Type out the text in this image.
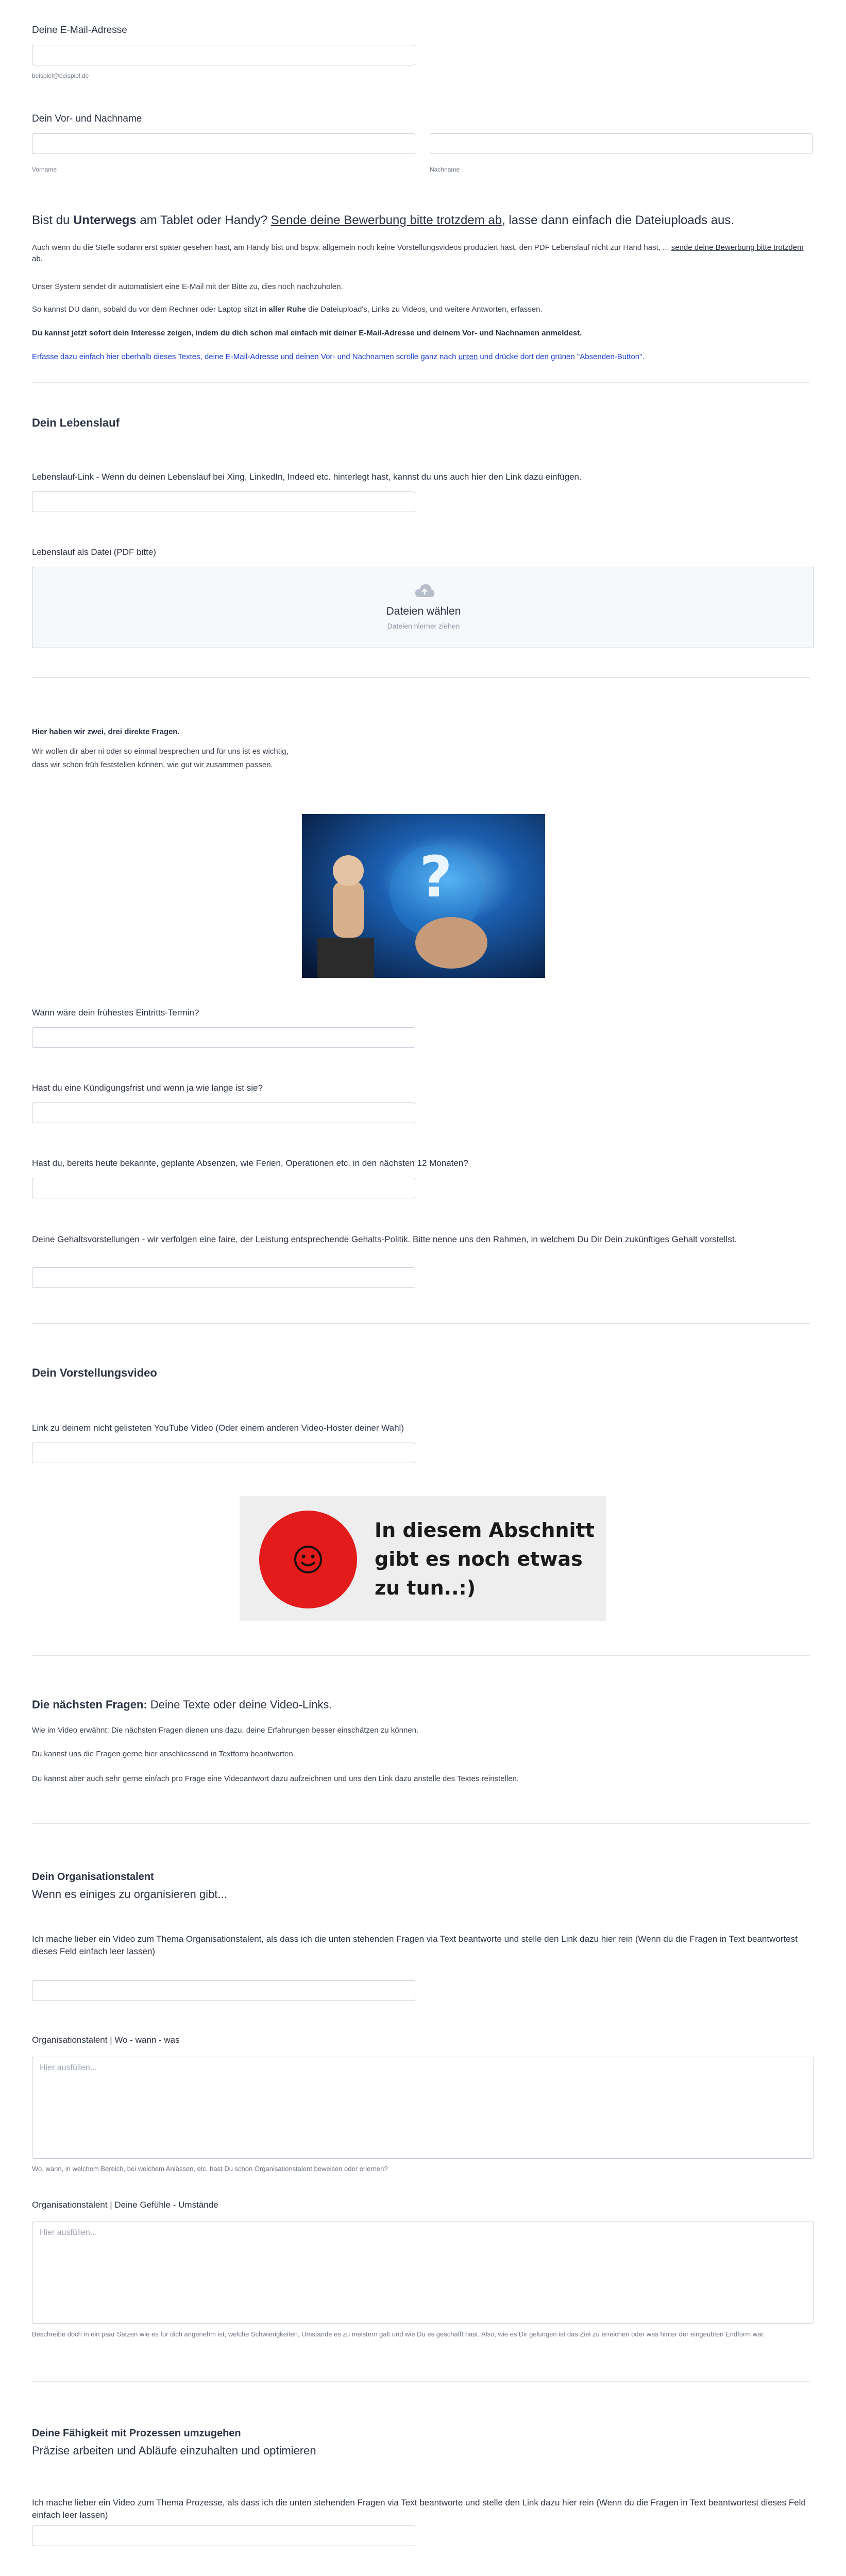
Deine E-Mail-Adresse
beispiel@beispiel.de
Dein Vor- und Nachname
Vorname	Nachname
Bist du Unterwegs am Tablet oder Handy? Sende deine Bewerbung bitte trotzdem ab, lasse dann einfach die Dateiuploads aus.
Auch wenn du die Stelle sodann erst später gesehen hast, am Handy bist und bspw. allgemein noch keine Vorstellungsvideos produziert hast, den PDF Lebenslauf nicht zur Hand hast, ... sende deine Bewerbung bitte trotzdem ab.
Unser System sendet dir automatisiert eine E-Mail mit der Bitte zu, dies noch nachzuholen.
So kannst DU dann, sobald du vor dem Rechner oder Laptop sitzt in aller Ruhe die Dateiupload's, Links zu Videos, und weitere Antworten, erfassen.
Du kannst jetzt sofort dein Interesse zeigen, indem du dich schon mal einfach mit deiner E-Mail-Adresse und deinem Vor- und Nachnamen anmeldest.
Erfasse dazu einfach hier oberhalb dieses Textes, deine E-Mail-Adresse und deinen Vor- und Nachnamen scrolle ganz nach unten und drücke dort den grünen "Absenden-Button".
Dein Lebenslauf
Lebenslauf-Link - Wenn du deinen Lebenslauf bei Xing, LinkedIn, Indeed etc. hinterlegt hast, kannst du uns auch hier den Link dazu einfügen.
Lebenslauf als Datei (PDF bitte)
Dateien wählen
Dateien hierher ziehen
Hier haben wir zwei, drei direkte Fragen.
Wir wollen dir aber ni oder so einmal besprechen und für uns ist es wichtig,
dass wir schon früh feststellen können, wie gut wir zusammen passen.
?
Wann wäre dein frühestes Eintritts-Termin?
Hast du eine Kündigungsfrist und wenn ja wie lange ist sie?
Hast du, bereits heute bekannte, geplante Absenzen, wie Ferien, Operationen etc. in den nächsten 12 Monaten?
Deine Gehaltsvorstellungen - wir verfolgen eine faire, der Leistung entsprechende Gehalts-Politik. Bitte nenne uns den Rahmen, in welchem Du Dir Dein zukünftiges Gehalt vorstellst.
Dein Vorstellungsvideo
Link zu deinem nicht gelisteten YouTube Video (Oder einem anderen Video-Hoster deiner Wahl)
In diesem Abschnitt
gibt es noch etwas
zu tun..:)
Die nächsten Fragen: Deine Texte oder deine Video-Links.
Wie im Video erwähnt: Die nächsten Fragen dienen uns dazu, deine Erfahrungen besser einschätzen zu können.
Du kannst uns die Fragen gerne hier anschliessend in Textform beantworten.
Du kannst aber auch sehr gerne einfach pro Frage eine Videoantwort dazu aufzeichnen und uns den Link dazu anstelle des Textes reinstellen.
Dein Organisationstalent
Wenn es einiges zu organisieren gibt...
Ich mache lieber ein Video zum Thema Organisationstalent, als dass ich die unten stehenden Fragen via Text beantworte und stelle den Link dazu hier rein (Wenn du die Fragen in Text beantwortest dieses Feld einfach leer lassen)
Organisationstalent | Wo - wann - was
Hier ausfüllen...
Wo, wann, in welchem Bereich, bei welchem Anlässen, etc. hast Du schon Organisationstalent beweisen oder erlernen?
Organisationstalent | Deine Gefühle - Umstände
Hier ausfüllen...
Beschreibe doch in ein paar Sätzen wie es für dich angenehm ist, welche Schwierigkeiten, Umstände es zu meistern galt und wie Du es geschafft hast. Also, wie es Dir gelungen ist das Ziel zu erreichen oder was hinter der eingeübten Endform war.
Deine Fähigkeit mit Prozessen umzugehen
Präzise arbeiten und Abläufe einzuhalten und optimieren
Ich mache lieber ein Video zum Thema Prozesse, als dass ich die unten stehenden Fragen via Text beantworte und stelle den Link dazu hier rein (Wenn du die Fragen in Text beantwortest dieses Feld einfach leer lassen)
